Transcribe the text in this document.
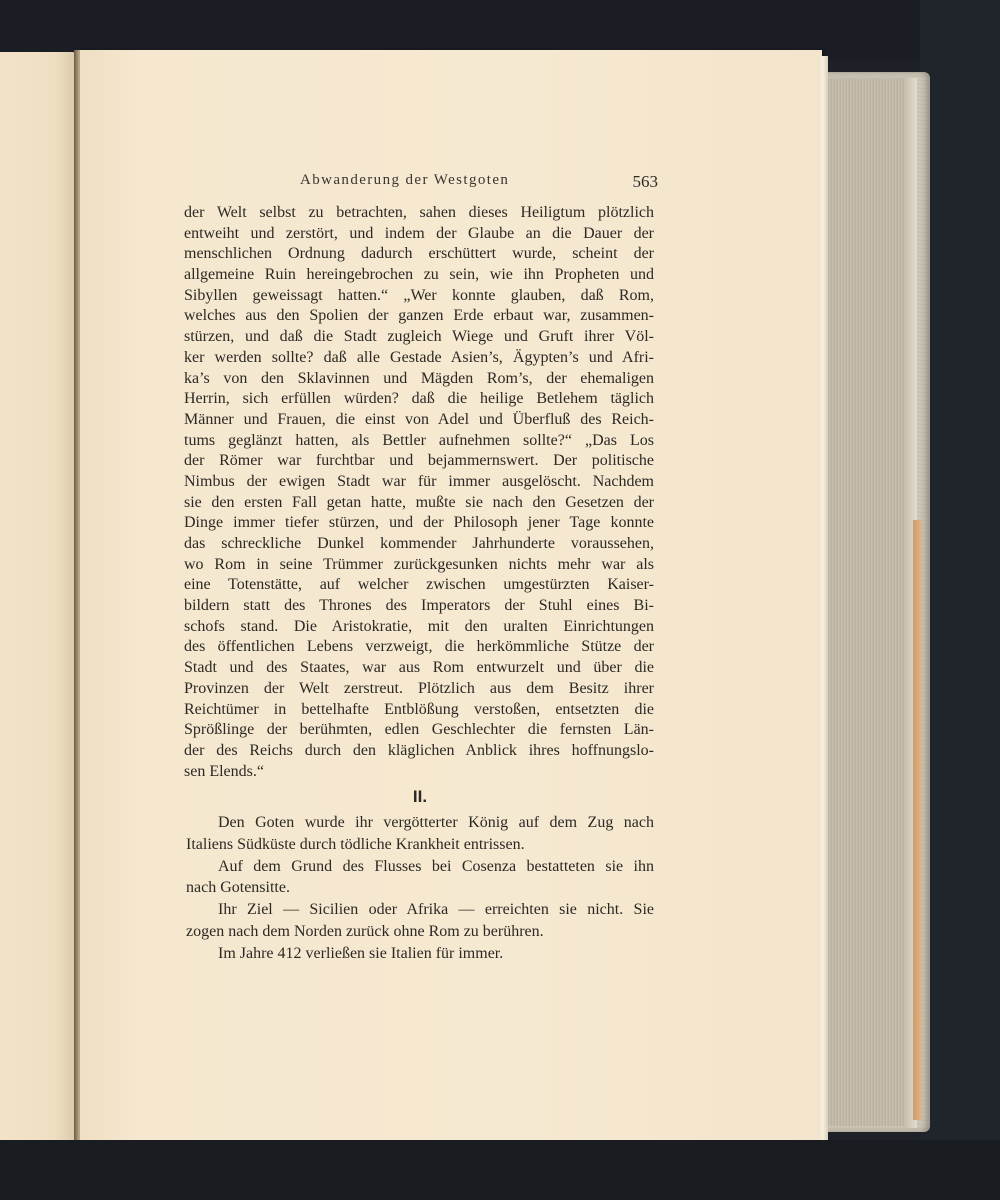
Abwanderung der Westgoten	563
der Welt selbst zu betrachten, sahen dieses Heiligtum plötzlich
entweiht und zerstört, und indem der Glaube an die Dauer der
menschlichen Ordnung dadurch erschüttert wurde, scheint der
allgemeine Ruin hereingebrochen zu sein, wie ihn Propheten und
Sibyllen geweissagt hatten.“ „Wer konnte glauben, daß Rom,
welches aus den Spolien der ganzen Erde erbaut war, zusammen-
stürzen, und daß die Stadt zugleich Wiege und Gruft ihrer Völ-
ker werden sollte? daß alle Gestade Asien’s, Ägypten’s und Afri-
ka’s von den Sklavinnen und Mägden Rom’s, der ehemaligen
Herrin, sich erfüllen würden? daß die heilige Betlehem täglich
Männer und Frauen, die einst von Adel und Überfluß des Reich-
tums geglänzt hatten, als Bettler aufnehmen sollte?“ „Das Los
der Römer war furchtbar und bejammernswert. Der politische
Nimbus der ewigen Stadt war für immer ausgelöscht. Nachdem
sie den ersten Fall getan hatte, mußte sie nach den Gesetzen der
Dinge immer tiefer stürzen, und der Philosoph jener Tage konnte
das schreckliche Dunkel kommender Jahrhunderte voraussehen,
wo Rom in seine Trümmer zurückgesunken nichts mehr war als
eine Totenstätte, auf welcher zwischen umgestürzten Kaiser-
bildern statt des Thrones des Imperators der Stuhl eines Bi-
schofs stand. Die Aristokratie, mit den uralten Einrichtungen
des öffentlichen Lebens verzweigt, die herkömmliche Stütze der
Stadt und des Staates, war aus Rom entwurzelt und über die
Provinzen der Welt zerstreut. Plötzlich aus dem Besitz ihrer
Reichtümer in bettelhafte Entblößung verstoßen, entsetzten die
Sprößlinge der berühmten, edlen Geschlechter die fernsten Län-
der des Reichs durch den kläglichen Anblick ihres hoffnungslo-
sen Elends.“
II.
Den Goten wurde ihr vergötterter König auf dem Zug nach
Italiens Südküste durch tödliche Krankheit entrissen.
Auf dem Grund des Flusses bei Cosenza bestatteten sie ihn
nach Gotensitte.
Ihr Ziel — Sicilien oder Afrika — erreichten sie nicht. Sie
zogen nach dem Norden zurück ohne Rom zu berühren.
Im Jahre 412 verließen sie Italien für immer.
